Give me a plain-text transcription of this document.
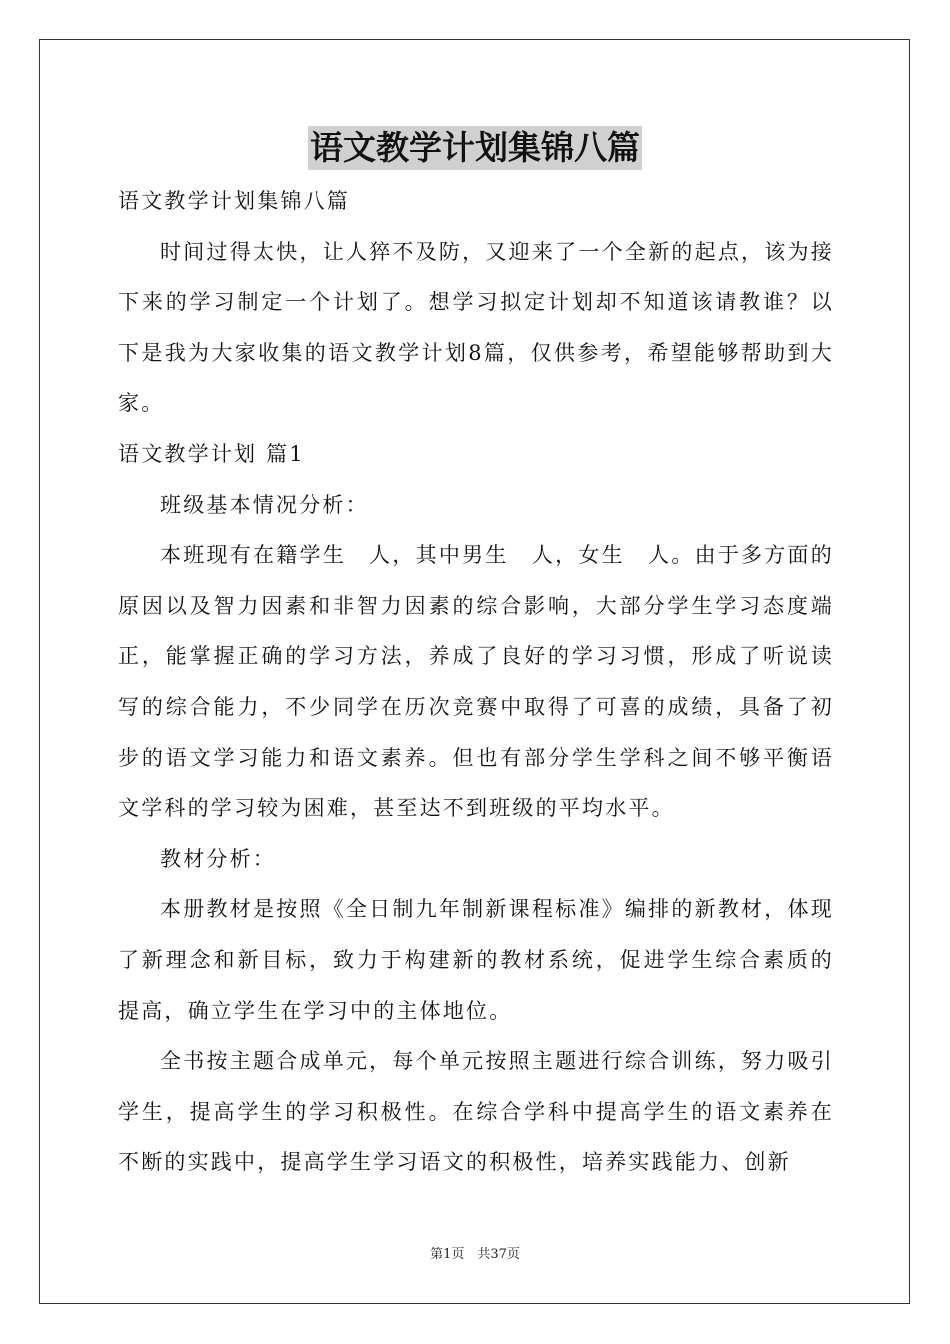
语文教学计划集锦八篇

语文教学计划集锦八篇

时间过得太快，让人猝不及防，又迎来了一个全新的起点，该为接下来的学习制定一个计划了。想学习拟定计划却不知道该请教谁？以下是我为大家收集的语文教学计划8篇，仅供参考，希望能够帮助到大家。

语文教学计划 篇1

班级基本情况分析：

本班现有在籍学生　人，其中男生　人，女生　人。由于多方面的原因以及智力因素和非智力因素的综合影响，大部分学生学习态度端正，能掌握正确的学习方法，养成了良好的学习习惯，形成了听说读写的综合能力，不少同学在历次竞赛中取得了可喜的成绩，具备了初步的语文学习能力和语文素养。但也有部分学生学科之间不够平衡语文学科的学习较为困难，甚至达不到班级的平均水平。

教材分析：

本册教材是按照《全日制九年制新课程标准》编排的新教材，体现了新理念和新目标，致力于构建新的教材系统，促进学生综合素质的提高，确立学生在学习中的主体地位。

全书按主题合成单元，每个单元按照主题进行综合训练，努力吸引学生，提高学生的学习积极性。在综合学科中提高学生的语文素养在不断的实践中，提高学生学习语文的积极性，培养实践能力、创新

第1页　共37页
